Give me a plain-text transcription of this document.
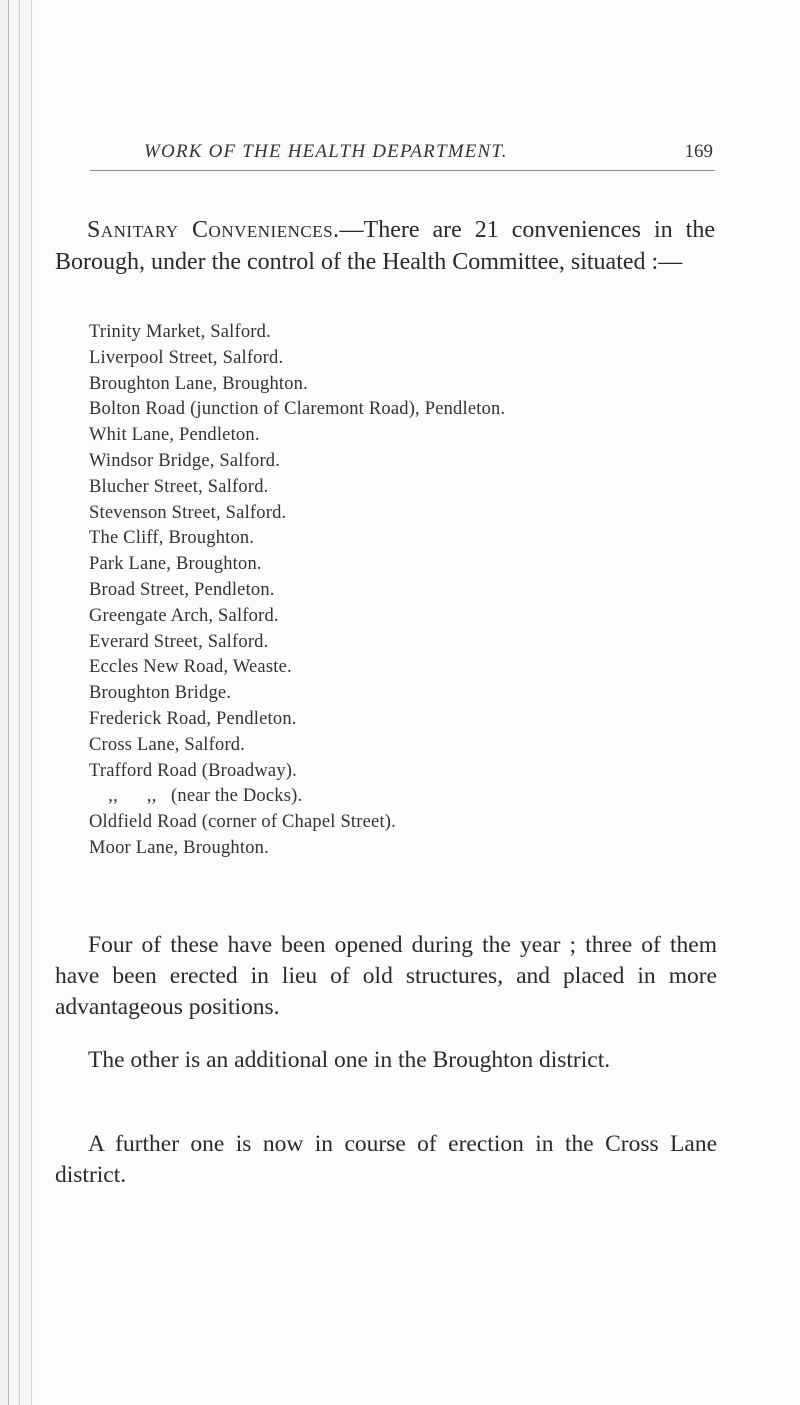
WORK OF THE HEALTH DEPARTMENT.	169
Sanitary Conveniences.—There are 21 conveniences in the Borough, under the control of the Health Committee, situated :—
Trinity Market, Salford.
Liverpool Street, Salford.
Broughton Lane, Broughton.
Bolton Road (junction of Claremont Road), Pendleton.
Whit Lane, Pendleton.
Windsor Bridge, Salford.
Blucher Street, Salford.
Stevenson Street, Salford.
The Cliff, Broughton.
Park Lane, Broughton.
Broad Street, Pendleton.
Greengate Arch, Salford.
Everard Street, Salford.
Eccles New Road, Weaste.
Broughton Bridge.
Frederick Road, Pendleton.
Cross Lane, Salford.
Trafford Road (Broadway).
,,      ,,   (near the Docks).
Oldfield Road (corner of Chapel Street).
Moor Lane, Broughton.

Four of these have been opened during the year ; three of them have been erected in lieu of old structures, and placed in more advantageous positions.

The other is an additional one in the Broughton district.

A further one is now in course of erection in the Cross Lane district.
